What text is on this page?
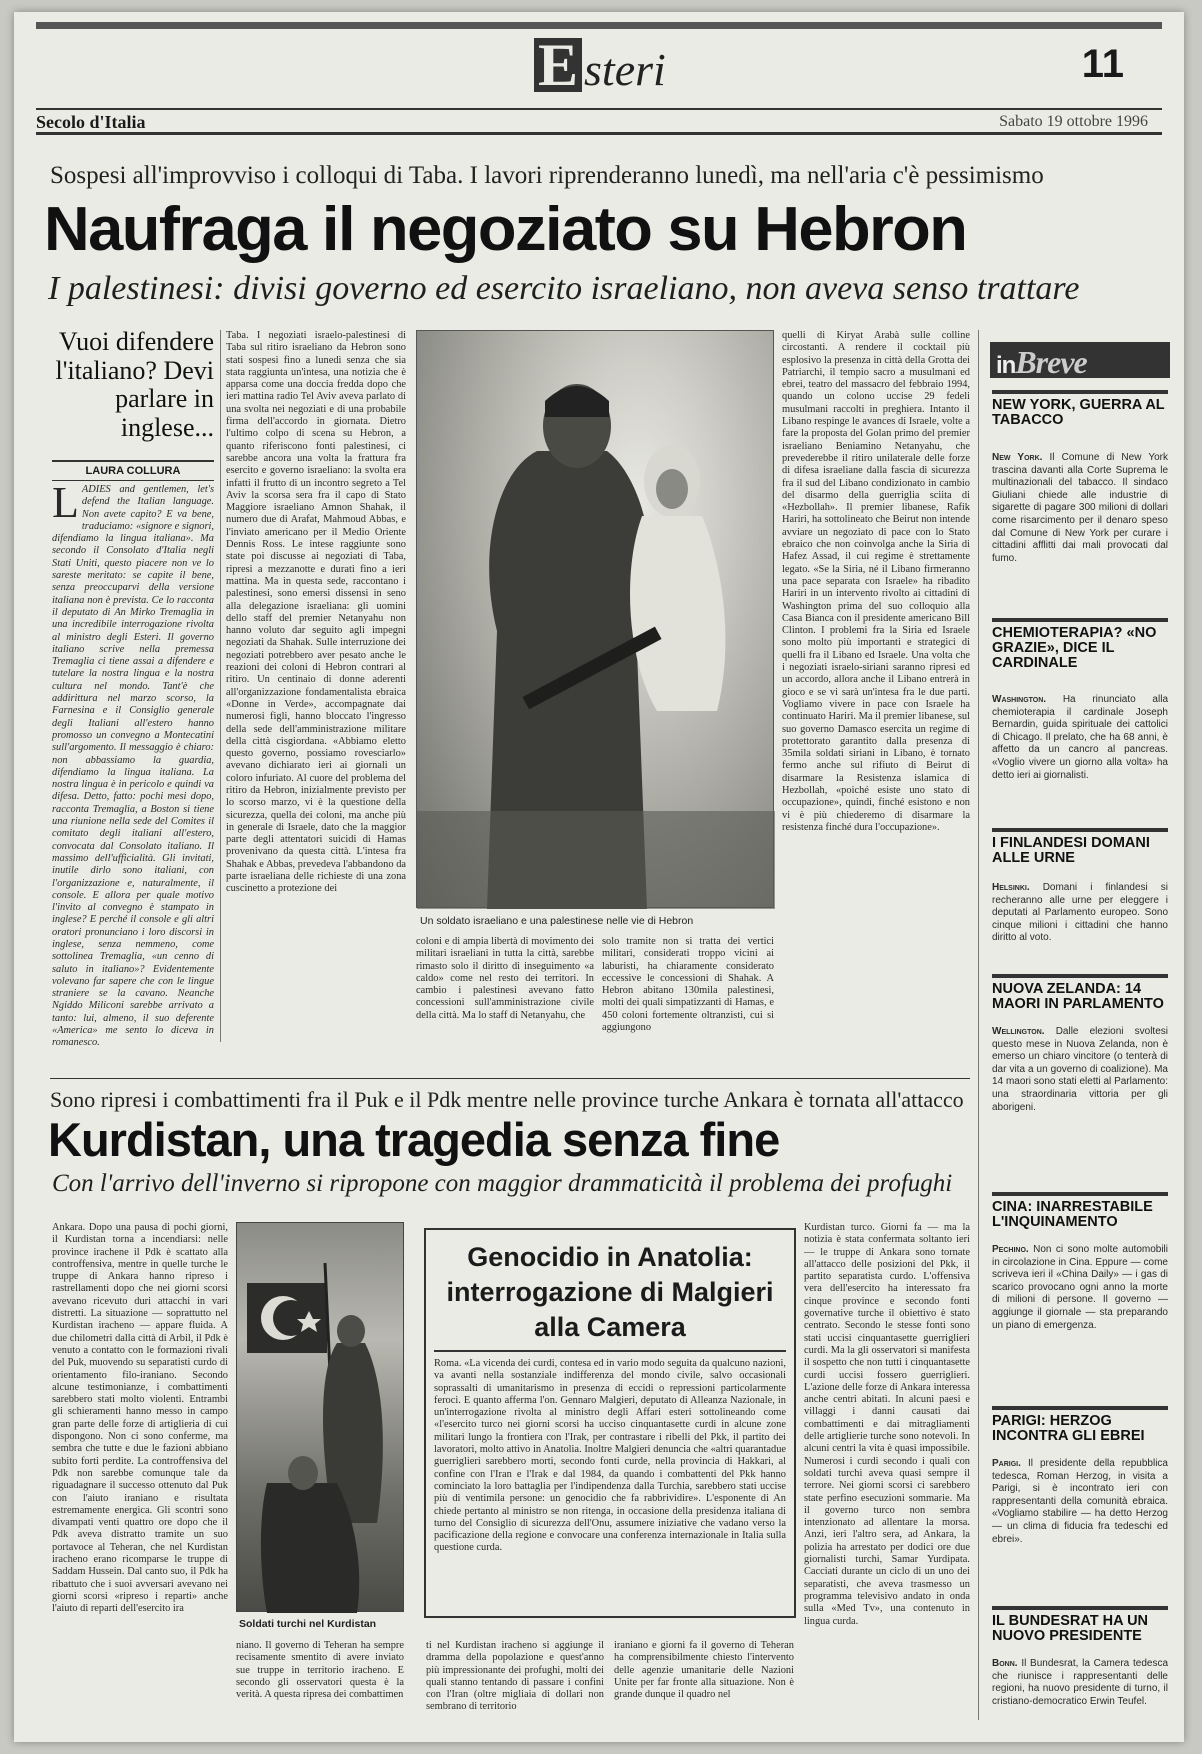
E steri	11
Secolo d'Italia	Sabato 19 ottobre 1996
Sospesi all'improvviso i colloqui di Taba. I lavori riprenderanno lunedì, ma nell'aria c'è pessimismo
Naufraga il negoziato su Hebron
I palestinesi: divisi governo ed esercito israeliano, non aveva senso trattare
Vuoi difendere l'italiano? Devi parlare in inglese...
LAURA COLLURA
LADIES and gentlemen, let's defend the Italian language. Non avete capito? E va bene, traduciamo: «signore e signori, difendiamo la lingua italiana». Ma secondo il Consolato d'Italia negli Stati Uniti, questo piacere non ve lo sareste meritato: se capite il bene, senza preoccuparvi della versione italiana non è prevista. Ce lo racconta il deputato di An Mirko Tremaglia in una incredibile interrogazione rivolta al ministro degli Esteri. Il governo italiano scrive nella premessa Tremaglia ci tiene assai a difendere e tutelare la nostra lingua e la nostra cultura nel mondo. Tant'è che addirittura nel marzo scorso, la Farnesina e il Consiglio generale degli Italiani all'estero hanno promosso un convegno a Montecatini sull'argomento. Il messaggio è chiaro: non abbassiamo la guardia, difendiamo la lingua italiana. La nostra lingua è in pericolo e quindi va difesa. Detto, fatto: pochi mesi dopo, racconta Tremaglia, a Boston si tiene una riunione nella sede del Comites il comitato degli italiani all'estero, convocata dal Consolato italiano. Il massimo dell'ufficialità. Gli invitati, inutile dirlo sono italiani, con l'organizzazione e, naturalmente, il console. E allora per quale motivo l'invito al convegno è stampato in inglese? E perché il console e gli altri oratori pronunciano i loro discorsi in inglese, senza nemmeno, come sottolinea Tremaglia, «un cenno di saluto in italiano»? Evidentemente volevano far sapere che con le lingue straniere se la cavano. Neanche Ngiddo Miliconi sarebbe arrivato a tanto: lui, almeno, il suo deferente «America» me sento lo diceva in romanesco.
Taba. I negoziati israelo-palestinesi di Taba sul ritiro israeliano da Hebron sono stati sospesi fino a lunedì senza che sia stata raggiunta un'intesa, una notizia che è apparsa come una doccia fredda dopo che ieri mattina radio Tel Aviv aveva parlato di una svolta nei negoziati e di una probabile firma dell'accordo in giornata. Dietro l'ultimo colpo di scena su Hebron, a quanto riferiscono fonti palestinesi, ci sarebbe ancora una volta la frattura fra esercito e governo israeliano: la svolta era infatti il frutto di un incontro segreto a Tel Aviv la scorsa sera fra il capo di Stato Maggiore israeliano Amnon Shahak, il numero due di Arafat, Mahmoud Abbas, e l'inviato americano per il Medio Oriente Dennis Ross. Le intese raggiunte sono state poi discusse ai negoziati di Taba, ripresi a mezzanotte e durati fino a ieri mattina. Ma in questa sede, raccontano i palestinesi, sono emersi dissensi in seno alla delegazione israeliana: gli uomini dello staff del premier Netanyahu non hanno voluto dar seguito agli impegni negoziati da Shahak. Sulle interruzione dei negoziati potrebbero aver pesato anche le reazioni dei coloni di Hebron contrari al ritiro. Un centinaio di donne aderenti all'organizzazione fondamentalista ebraica «Donne in Verde», accompagnate dai numerosi figli, hanno bloccato l'ingresso della sede dell'amministrazione militare della città cisgiordana. «Abbiamo eletto questo governo, possiamo rovesciarlo» avevano dichiarato ieri ai giornali un coloro infuriato. Al cuore del problema del ritiro da Hebron, inizialmente previsto per lo scorso marzo, vi è la questione della sicurezza, quella dei coloni, ma anche più in generale di Israele, dato che la maggior parte degli attentatori suicidi di Hamas provenivano da questa città. L'intesa fra Shahak e Abbas, prevedeva l'abbandono da parte israeliana delle richieste di una zona cuscinetto a protezione dei
Un soldato israeliano e una palestinese nelle vie di Hebron
coloni e di ampia libertà di movimento dei militari israeliani in tutta la città, sarebbe rimasto solo il diritto di inseguimento «a caldo» come nel resto dei territori. In cambio i palestinesi avevano fatto concessioni sull'amministrazione civile della città. Ma lo staff di Netanyahu, che
solo tramite non si tratta dei vertici militari, considerati troppo vicini ai laburisti, ha chiaramente considerato eccessive le concessioni di Shahak. A Hebron abitano 130mila palestinesi, molti dei quali simpatizzanti di Hamas, e 450 coloni fortemente oltranzisti, cui si aggiungono
quelli di Kiryat Arabà sulle colline circostanti. A rendere il cocktail più esplosivo la presenza in città della Grotta dei Patriarchi, il tempio sacro a musulmani ed ebrei, teatro del massacro del febbraio 1994, quando un colono uccise 29 fedeli musulmani raccolti in preghiera. Intanto il Libano respinge le avances di Israele, volte a fare la proposta del Golan primo del premier israeliano Beniamino Netanyahu, che prevederebbe il ritiro unilaterale delle forze di difesa israeliane dalla fascia di sicurezza fra il sud del Libano condizionato in cambio del disarmo della guerriglia sciita di «Hezbollah». Il premier libanese, Rafik Hariri, ha sottolineato che Beirut non intende avviare un negoziato di pace con lo Stato ebraico che non coinvolga anche la Siria di Hafez Assad, il cui regime è strettamente legato. «Se la Siria, né il Libano firmeranno una pace separata con Israele» ha ribadito Hariri in un intervento rivolto ai cittadini di Washington prima del suo colloquio alla Casa Bianca con il presidente americano Bill Clinton. I problemi fra la Siria ed Israele sono molto più importanti e strategici di quelli fra il Libano ed Israele. Una volta che i negoziati israelo-siriani saranno ripresi ed un accordo, allora anche il Libano entrerà in gioco e se vi sarà un'intesa fra le due parti. Vogliamo vivere in pace con Israele ha continuato Hariri. Ma il premier libanese, sul suo governo Damasco esercita un regime di protettorato garantito dalla presenza di 35mila soldati siriani in Libano, è tornato fermo anche sul rifiuto di Beirut di disarmare la Resistenza islamica di Hezbollah, «poiché esiste uno stato di occupazione», quindi, finché esistono e non vi è più chiederemo di disarmare la resistenza finché dura l'occupazione».
inBreve
NEW YORK, GUERRA AL TABACCO
New York. Il Comune di New York trascina davanti alla Corte Suprema le multinazionali del tabacco. Il sindaco Giuliani chiede alle industrie di sigarette di pagare 300 milioni di dollari come risarcimento per il denaro speso dal Comune di New York per curare i cittadini afflitti dai mali provocati dal fumo.
CHEMIOTERAPIA? «NO GRAZIE», DICE IL CARDINALE
Washington. Ha rinunciato alla chemioterapia il cardinale Joseph Bernardin, guida spirituale dei cattolici di Chicago. Il prelato, che ha 68 anni, è affetto da un cancro al pancreas. «Voglio vivere un giorno alla volta» ha detto ieri ai giornalisti.
I FINLANDESI DOMANI ALLE URNE
Helsinki. Domani i finlandesi si recheranno alle urne per eleggere i deputati al Parlamento europeo. Sono cinque milioni i cittadini che hanno diritto al voto.
NUOVA ZELANDA: 14 MAORI IN PARLAMENTO
Wellington. Dalle elezioni svoltesi questo mese in Nuova Zelanda, non è emerso un chiaro vincitore (o tenterà di dar vita a un governo di coalizione). Ma 14 maori sono stati eletti al Parlamento: una straordinaria vittoria per gli aborigeni.
CINA: INARRESTABILE L'INQUINAMENTO
Pechino. Non ci sono molte automobili in circolazione in Cina. Eppure — come scriveva ieri il «China Daily» — i gas di scarico provocano ogni anno la morte di milioni di persone. Il governo — aggiunge il giornale — sta preparando un piano di emergenza.
PARIGI: HERZOG INCONTRA GLI EBREI
Parigi. Il presidente della repubblica tedesca, Roman Herzog, in visita a Parigi, si è incontrato ieri con rappresentanti della comunità ebraica. «Vogliamo stabilire — ha detto Herzog — un clima di fiducia fra tedeschi ed ebrei».
IL BUNDESRAT HA UN NUOVO PRESIDENTE
Bonn. Il Bundesrat, la Camera tedesca che riunisce i rappresentanti delle regioni, ha nuovo presidente di turno, il cristiano-democratico Erwin Teufel.
Sono ripresi i combattimenti fra il Puk e il Pdk mentre nelle province turche Ankara è tornata all'attacco
Kurdistan, una tragedia senza fine
Con l'arrivo dell'inverno si ripropone con maggior drammaticità il problema dei profughi
Ankara. Dopo una pausa di pochi giorni, il Kurdistan torna a incendiarsi: nelle province irachene il Pdk è scattato alla controffensiva, mentre in quelle turche le truppe di Ankara hanno ripreso i rastrellamenti dopo che nei giorni scorsi avevano ricevuto duri attacchi in vari distretti. La situazione — soprattutto nel Kurdistan iracheno — appare fluida. A due chilometri dalla città di Arbil, il Pdk è venuto a contatto con le formazioni rivali del Puk, muovendo su separatisti curdo di orientamento filo-iraniano. Secondo alcune testimonianze, i combattimenti sarebbero stati molto violenti. Entrambi gli schieramenti hanno messo in campo gran parte delle forze di artiglieria di cui dispongono. Non ci sono conferme, ma sembra che tutte e due le fazioni abbiano subito forti perdite. La controffensiva del Pdk non sarebbe comunque tale da riguadagnare il successo ottenuto dal Puk con l'aiuto iraniano e risultata estremamente energica. Gli scontri sono divampati venti quattro ore dopo che il Pdk aveva distratto tramite un suo portavoce al Teheran, che nel Kurdistan iracheno erano ricomparse le truppe di Saddam Hussein. Dal canto suo, il Pdk ha ribattuto che i suoi avversari avevano nei giorni scorsi «ripreso i reparti» anche l'aiuto di reparti dell'esercito ira
Soldati turchi nel Kurdistan
Genocidio in Anatolia: interrogazione di Malgieri alla Camera
Roma. «La vicenda dei curdi, contesa ed in vario modo seguita da qualcuno nazioni, va avanti nella sostanziale indifferenza del mondo civile, salvo occasionali soprassalti di umanitarismo in presenza di eccidi o repressioni particolarmente feroci. E quanto afferma l'on. Gennaro Malgieri, deputato di Alleanza Nazionale, in un'interrogazione rivolta al ministro degli Affari esteri sottolineando come «l'esercito turco nei giorni scorsi ha ucciso cinquantasette curdi in alcune zone militari lungo la frontiera con l'Irak, per contrastare i ribelli del Pkk, il partito dei lavoratori, molto attivo in Anatolia. Inoltre Malgieri denuncia che «altri quarantadue guerriglieri sarebbero morti, secondo fonti curde, nella provincia di Hakkari, al confine con l'Iran e l'Irak e dal 1984, da quando i combattenti del Pkk hanno cominciato la loro battaglia per l'indipendenza dalla Turchia, sarebbero stati uccise più di ventimila persone: un genocidio che fa rabbrividire». L'esponente di An chiede pertanto al ministro se non ritenga, in occasione della presidenza italiana di turno del Consiglio di sicurezza dell'Onu, assumere iniziative che vadano verso la pacificazione della regione e convocare una conferenza internazionale in Italia sulla questione curda.
niano. Il governo di Teheran ha sempre recisamente smentito di avere inviato sue truppe in territorio iracheno. E secondo gli osservatori questa è la verità. A questa ripresa dei combattimen
ti nel Kurdistan iracheno si aggiunge il dramma della popolazione e quest'anno più impressionante dei profughi, molti dei quali stanno tentando di passare i confini con l'Iran (oltre migliaia di dollari non sembrano di territorio
iraniano e giorni fa il governo di Teheran ha comprensibilmente chiesto l'intervento delle agenzie umanitarie delle Nazioni Unite per far fronte alla situazione. Non è grande dunque il quadro nel
Kurdistan turco. Giorni fa — ma la notizia è stata confermata soltanto ieri — le truppe di Ankara sono tornate all'attacco delle posizioni del Pkk, il partito separatista curdo. L'offensiva vera dell'esercito ha interessato fra cinque province e secondo fonti governative turche il obiettivo è stato centrato. Secondo le stesse fonti sono stati uccisi cinquantasette guerriglieri curdi. Ma la gli osservatori si manifesta il sospetto che non tutti i cinquantasette curdi uccisi fossero guerriglieri. L'azione delle forze di Ankara interessa anche centri abitati. In alcuni paesi e villaggi i danni causati dai combattimenti e dai mitragliamenti delle artiglierie turche sono notevoli. In alcuni centri la vita è quasi impossibile. Numerosi i curdi secondo i quali con soldati turchi aveva quasi sempre il terrore. Nei giorni scorsi ci sarebbero state perfino esecuzioni sommarie. Ma il governo turco non sembra intenzionato ad allentare la morsa. Anzi, ieri l'altro sera, ad Ankara, la polizia ha arrestato per dodici ore due giornalisti turchi, Samar Yurdipata. Cacciati durante un ciclo di un uno dei separatisti, che aveva trasmesso un programma televisivo andato in onda sulla «Med Tv», una contenuto in lingua curda.
